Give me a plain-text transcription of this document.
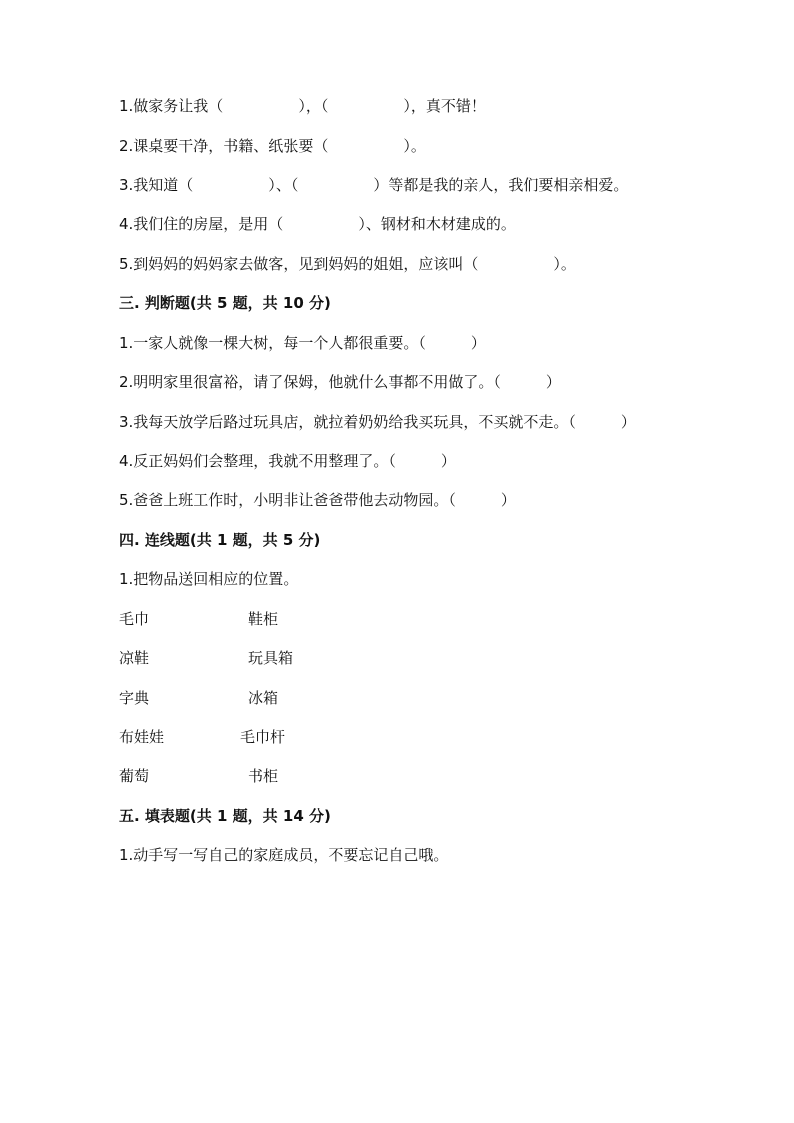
1.做家务让我（　　　　　），（　　　　　），真不错！
2.课桌要干净，书籍、纸张要（　　　　　）。
3.我知道（　　　　　）、（　　　　　）等都是我的亲人，我们要相亲相爱。
4.我们住的房屋，是用（　　　　　）、钢材和木材建成的。
5.到妈妈的妈妈家去做客，见到妈妈的姐姐，应该叫（　　　　　）。
三. 判断题(共 5 题，共 10 分)
1.一家人就像一棵大树，每一个人都很重要。（　　　）
2.明明家里很富裕，请了保姆，他就什么事都不用做了。（　　　）
3.我每天放学后路过玩具店，就拉着奶奶给我买玩具，不买就不走。（　　　）
4.反正妈妈们会整理，我就不用整理了。（　　　）
5.爸爸上班工作时，小明非让爸爸带他去动物园。（　　　）
四. 连线题(共 1 题，共 5 分)
1.把物品送回相应的位置。
毛巾	鞋柜
凉鞋	玩具箱
字典	冰箱
布娃娃	毛巾杆
葡萄	书柜
五. 填表题(共 1 题，共 14 分)
1.动手写一写自己的家庭成员，不要忘记自己哦。
